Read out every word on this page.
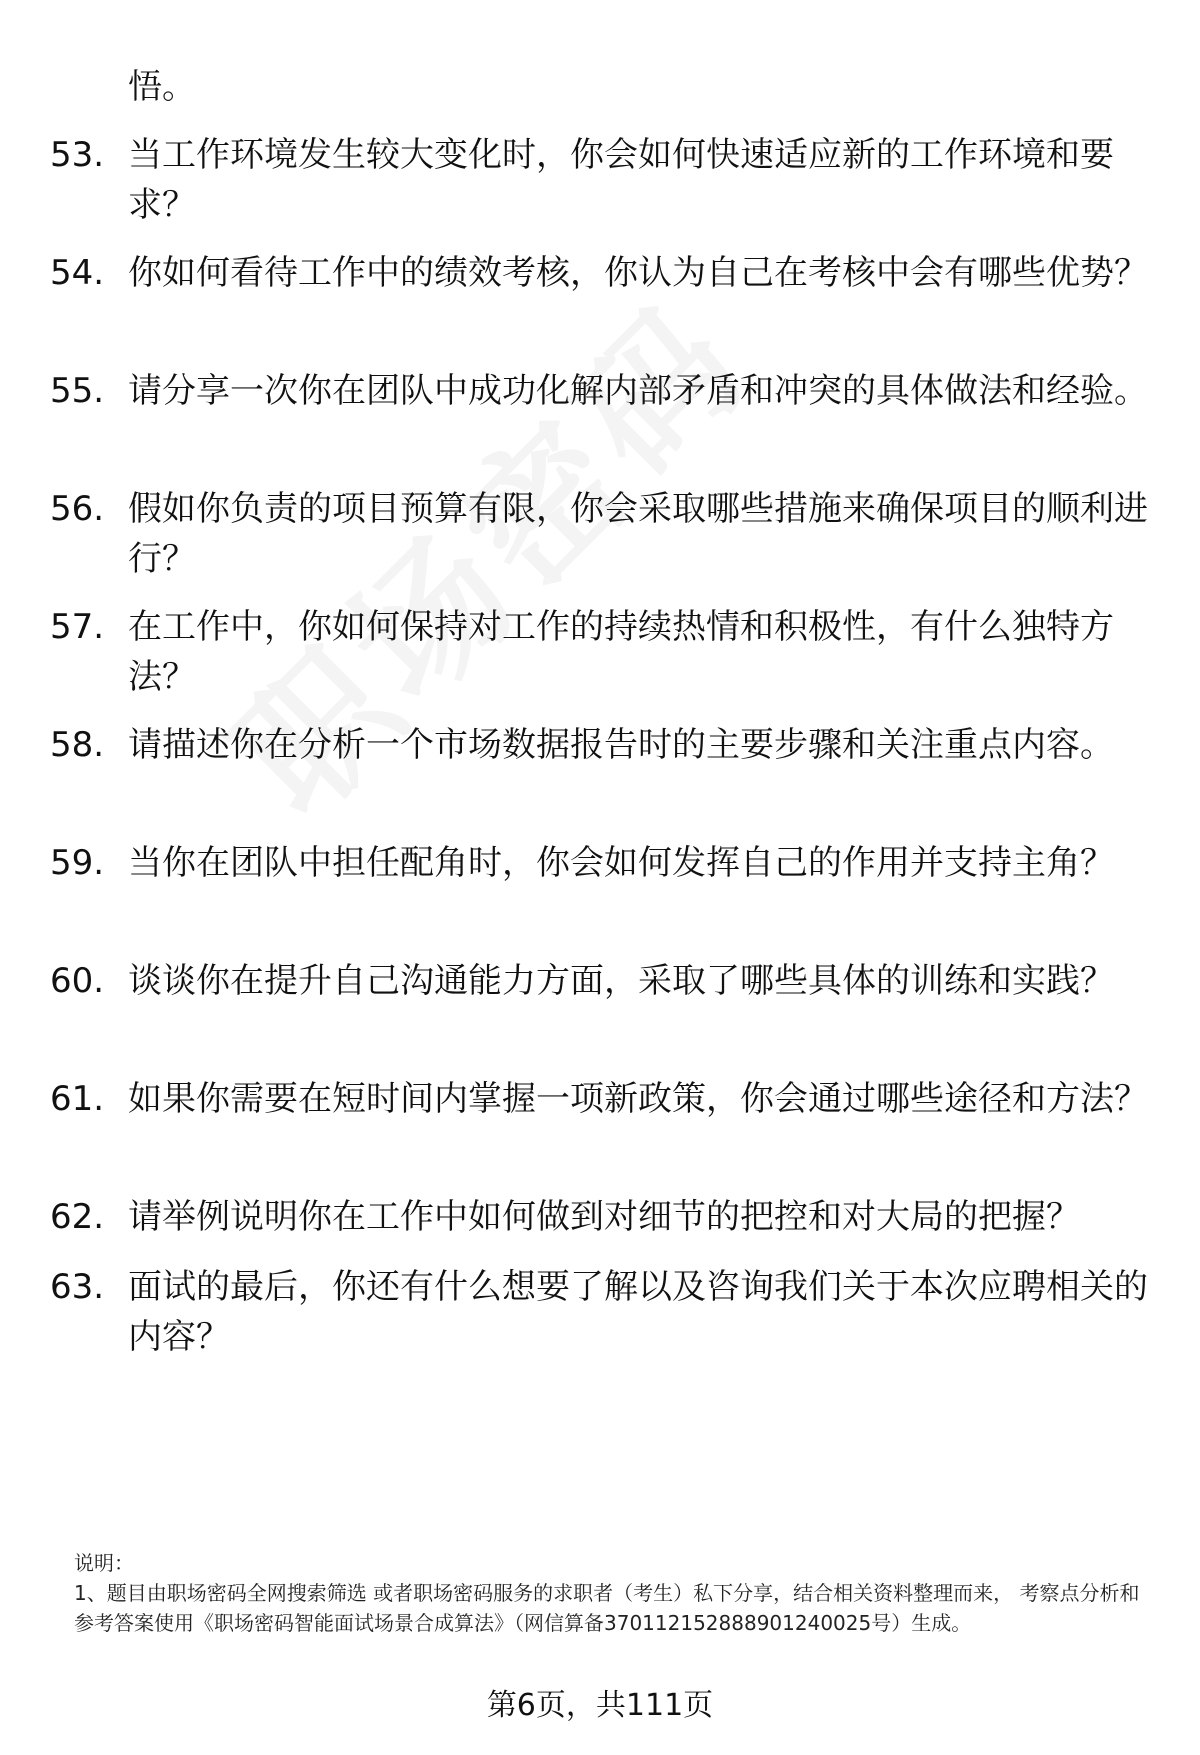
悟。
53. 当工作环境发生较大变化时，你会如何快速适应新的工作环境和要求？
54. 你如何看待工作中的绩效考核，你认为自己在考核中会有哪些优势？
55. 请分享一次你在团队中成功化解内部矛盾和冲突的具体做法和经验。
56. 假如你负责的项目预算有限，你会采取哪些措施来确保项目的顺利进行？
57. 在工作中，你如何保持对工作的持续热情和积极性，有什么独特方法？
58. 请描述你在分析一个市场数据报告时的主要步骤和关注重点内容。
59. 当你在团队中担任配角时，你会如何发挥自己的作用并支持主角？
60. 谈谈你在提升自己沟通能力方面，采取了哪些具体的训练和实践？
61. 如果你需要在短时间内掌握一项新政策，你会通过哪些途径和方法？
62. 请举例说明你在工作中如何做到对细节的把控和对大局的把握？
63. 面试的最后，你还有什么想要了解以及咨询我们关于本次应聘相关的内容？
说明：
1、题目由职场密码全网搜索筛选 或者职场密码服务的求职者（考生）私下分享，结合相关资料整理而来， 考察点分析和参考答案使用《职场密码智能面试场景合成算法》（网信算备370112152888901240025号）生成。
第6页，共111页
